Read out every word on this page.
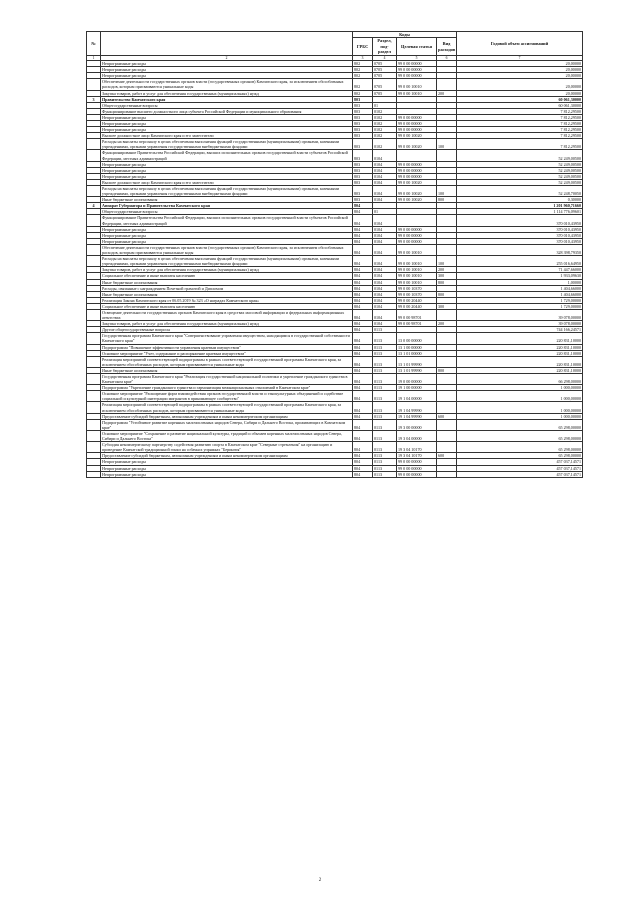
№		Коды				Годовой объем ассигнований
		ГРБС	Раздел, под-раздел	Целевая статья	Вид расходов	
1	2	3	4	5	6	7
	Непрограммные расходы	802	0705	99 0 00 00000		20,00000
	Непрограммные расходы	802	0705	99 0 00 00000		20,00000
	Непрограммные расходы	802	0705	99 0 00 00000		20,00000
	Обеспечение деятельности государственных органов власти (государственных органов) Камчатского края, за исключением обособленных расходов, которым присваиваются уникальные коды	802	0705	99 0 00 10010		20,00000
	Закупка товаров, работ и услуг для обеспечения государственных (муниципальных) нужд	802	0705	99 0 00 10010	200	20,00000
3	Правительство Камчатского края	803				60 061,30000
	Общегосударственные вопросы	803	01			60 061,30000
	Функционирование высшего должностного лица субъекта Российской Федерации и муниципального образования	803	0102			7 812,29500
	Непрограммные расходы	803	0102	99 0 00 00000		7 812,29500
	Непрограммные расходы	803	0102	99 0 00 00000		7 812,29500
	Непрограммные расходы	803	0102	99 0 00 00000		7 812,29500
	Высшее должностное лицо Камчатского края и его заместители	803	0102	99 0 00 10020		7 812,29500
	Расходы на выплаты персоналу в целях обеспечения выполнения функций государственными (муниципальными) органами, казенными учреждениями, органами управления государственными внебюджетными фондами	803	0102	99 0 00 10020	100	7 812,29500
	Функционирование Правительства Российской Федерации, высших исполнительных органов государственной власти субъектов Российской Федерации, местных администраций	803	0104			52 249,00500
	Непрограммные расходы	803	0104	99 0 00 00000		52 249,00500
	Непрограммные расходы	803	0104	99 0 00 00000		52 249,00500
	Непрограммные расходы	803	0104	99 0 00 00000		52 249,00500
	Высшее должностное лицо Камчатского края и его заместители	803	0104	99 0 00 10020		52 249,00500
	Расходы на выплаты персоналу в целях обеспечения выполнения функций государственными (муниципальными) органами, казенными учреждениями, органами управления государственными внебюджетными фондами	803	0104	99 0 00 10020	100	52 248,70050
	Иные бюджетные ассигнования	803	0104	99 0 00 10020	800	0,30000
4	Аппарат Губернатора и Правительства Камчатского края	804				1 201 960,71660
	Общегосударственные вопросы	804	01			1 114 776,09601
	Функционирование Правительства Российской Федерации, высших исполнительных органов государственной власти субъектов Российской Федерации, местных администраций	804	0104			370 010,43950
	Непрограммные расходы	804	0104	99 0 00 00000		370 010,43950
	Непрограммные расходы	804	0104	99 0 00 00000		370 010,43950
	Непрограммные расходы	804	0104	99 0 00 00000		370 010,43950
	Обеспечение деятельности государственных органов власти (государственных органов) Камчатского края, за исключением обособленных расходов, которым присваиваются уникальные коды	804	0104	99 0 00 10010		328 398,79350
	Расходы на выплаты персоналу в целях обеспечения выполнения функций государственными (муниципальными) органами, казенными учреждениями, органами управления государственными внебюджетными фондами	804	0104	99 0 00 10010	100	255 016,64950
	Закупка товаров, работ и услуг для обеспечения государственных (муниципальных) нужд	804	0104	99 0 00 10010	200	71 447,66000
	Социальное обеспечение и иные выплаты населению	804	0104	99 0 00 10010	300	1 933,09630
	Иные бюджетные ассигнования	804	0104	99 0 00 10010	800	1,00000
	Расходы, связанные с награждением Почетной грамотой и Дипломом	804	0104	99 0 00 10370		1 404,66000
	Иные бюджетные ассигнования	804	0104	99 0 00 10370	800	1 404,66000
	Реализация Закона Камчатского края от 06.05.2019 № 323 «О наградах Камчатского края»	804	0104	99 0 00 20440		1 729,00000
	Социальное обеспечение и иные выплаты населению	804	0104	99 0 00 20440	300	1 729,00000
	Освещение деятельности государственных органов Камчатского края в средствах массовой информации и федеральных информационных агентствах	804	0104	99 0 00 98701		39 078,00000
	Закупка товаров, работ и услуг для обеспечения государственных (муниципальных) нужд	804	0104	99 0 00 98701	200	39 078,00000
	Другие общегосударственные вопросы	804	0113			744 166,24571
	Государственная программа Камчатского края "Совершенствование управления имуществом, находящимся в государственной собственности Камчатского края"	804	0113	13 0 00 00000		220 831,10000
	Подпрограмма "Повышение эффективности управления краевым имуществом"	804	0113	13 1 00 00000		220 831,10000
	Основное мероприятие "Учет, содержание и распоряжение краевым имуществом"	804	0113	13 1 01 00000		220 831,10000
	Реализация мероприятий соответствующей подпрограммы в рамках соответствующей государственной программы Камчатского края, за исключением обособленных расходов, которым присваиваются уникальные коды	804	0113	13 1 01 99990		220 831,10000
	Иные бюджетные ассигнования	804	0113	13 1 01 99990	800	220 831,10000
	Государственная программа Камчатского края "Реализация государственной национальной политики и укрепление гражданского единства в Камчатском крае"	804	0113	19 0 00 00000		66 298,00000
	Подпрограмма "Укрепление гражданского единства и гармонизация межнациональных отношений в Камчатском крае"	804	0113	19 1 00 00000		1 000,00000
	Основное мероприятие "Расширение форм взаимодействия органов государственной власти и этнокультурных объединений и содействие социальной и культурной интеграции мигрантов в принимающее сообщество"	804	0113	19 1 04 00000		1 000,00000
	Реализация мероприятий соответствующей подпрограммы в рамках соответствующей государственной программы Камчатского края, за исключением обособленных расходов, которым присваиваются уникальные коды	804	0113	19 1 04 99990		1 000,00000
	Предоставление субсидий бюджетным, автономным учреждениям и иным некоммерческим организациям	804	0113	19 1 04 99990	600	1 000,00000
	Подпрограмма "Устойчивое развитие коренных малочисленных народов Севера, Сибири и Дальнего Востока, проживающих в Камчатском крае"	804	0113	19 3 00 00000		65 298,00000
	Основное мероприятие "Сохранение и развитие национальной культуры, традиций и обычаев коренных малочисленных народов Севера, Сибири и Дальнего Востока"	804	0113	19 3 04 00000		65 298,00000
	Субсидия некоммерческому партнерству содействия развитию спорта в Камчатском крае "Северные стремления" на организацию и проведение Камчатской традиционной гонки на собачьих упряжках "Берингия"	804	0113	19 3 04 10170		65 298,00000
	Предоставление субсидий бюджетным, автономным учреждениям и иным некоммерческим организациям	804	0113	19 3 04 10170	600	65 298,00000
	Непрограммные расходы	804	0113	99 0 00 00000		457 037,14571
	Непрограммные расходы	804	0113	99 0 00 00000		457 037,14571
	Непрограммные расходы	804	0113	99 0 00 00000		457 037,14571
2
